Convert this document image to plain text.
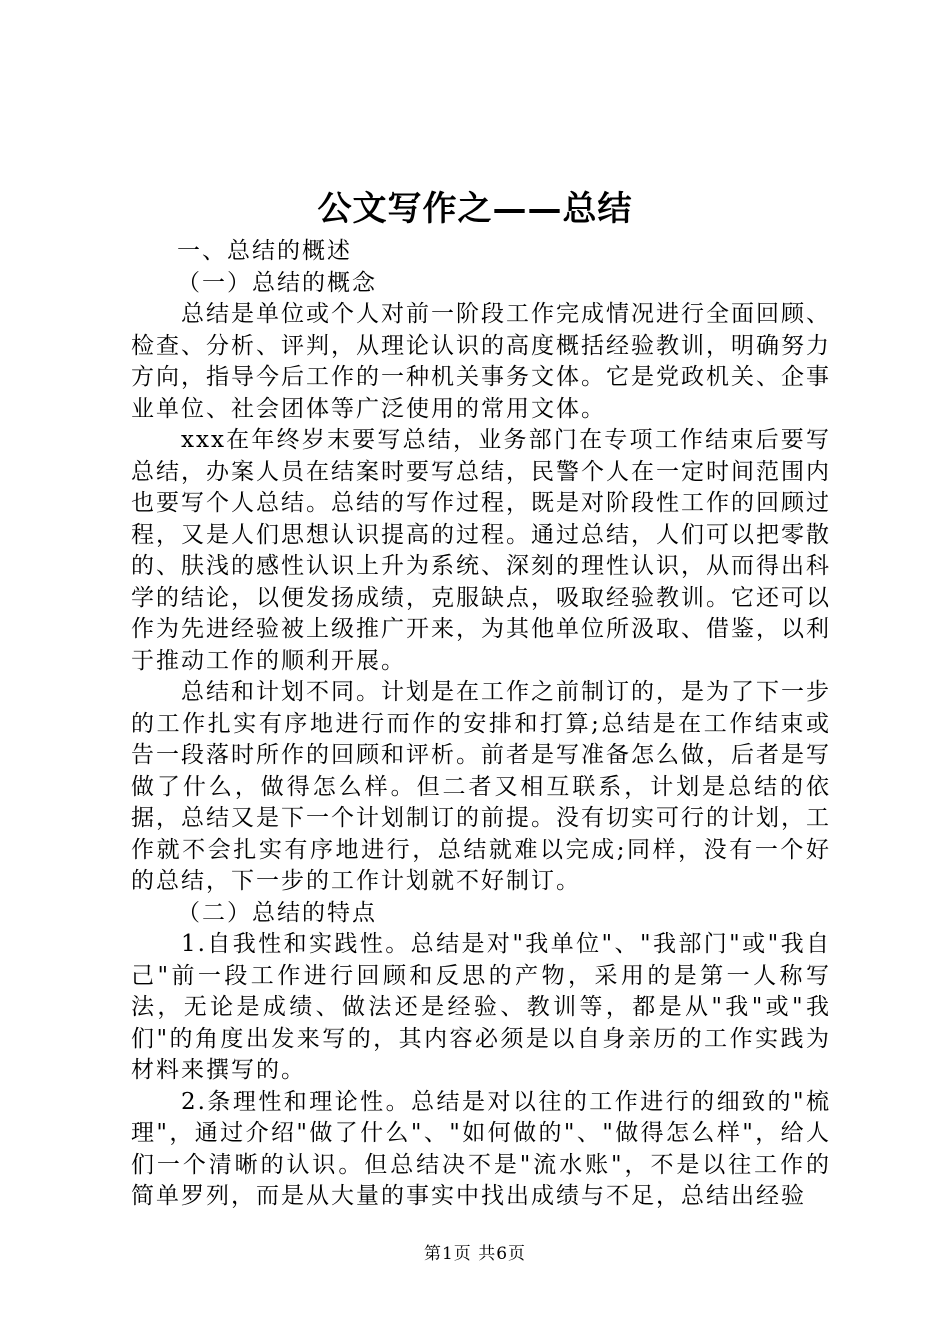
公文写作之——总结

一、总结的概述

（一）总结的概念

总结是单位或个人对前一阶段工作完成情况进行全面回顾、检查、分析、评判，从理论认识的高度概括经验教训，明确努力方向，指导今后工作的一种机关事务文体。它是党政机关、企事业单位、社会团体等广泛使用的常用文体。

xxx在年终岁末要写总结，业务部门在专项工作结束后要写总结，办案人员在结案时要写总结，民警个人在一定时间范围内也要写个人总结。总结的写作过程，既是对阶段性工作的回顾过程，又是人们思想认识提高的过程。通过总结，人们可以把零散的、肤浅的感性认识上升为系统、深刻的理性认识，从而得出科学的结论，以便发扬成绩，克服缺点，吸取经验教训。它还可以作为先进经验被上级推广开来，为其他单位所汲取、借鉴，以利于推动工作的顺利开展。

总结和计划不同。计划是在工作之前制订的，是为了下一步的工作扎实有序地进行而作的安排和打算;总结是在工作结束或告一段落时所作的回顾和评析。前者是写准备怎么做，后者是写做了什么，做得怎么样。但二者又相互联系，计划是总结的依据，总结又是下一个计划制订的前提。没有切实可行的计划，工作就不会扎实有序地进行，总结就难以完成;同样，没有一个好的总结，下一步的工作计划就不好制订。

（二）总结的特点

1.自我性和实践性。总结是对"我单位"、"我部门"或"我自己"前一段工作进行回顾和反思的产物，采用的是第一人称写法，无论是成绩、做法还是经验、教训等，都是从"我"或"我们"的角度出发来写的，其内容必须是以自身亲历的工作实践为材料来撰写的。

2.条理性和理论性。总结是对以往的工作进行的细致的"梳理"，通过介绍"做了什么"、"如何做的"、"做得怎么样"，给人们一个清晰的认识。但总结决不是"流水账"，不是以往工作的简单罗列，而是从大量的事实中找出成绩与不足，总结出经验

第1页 共6页
